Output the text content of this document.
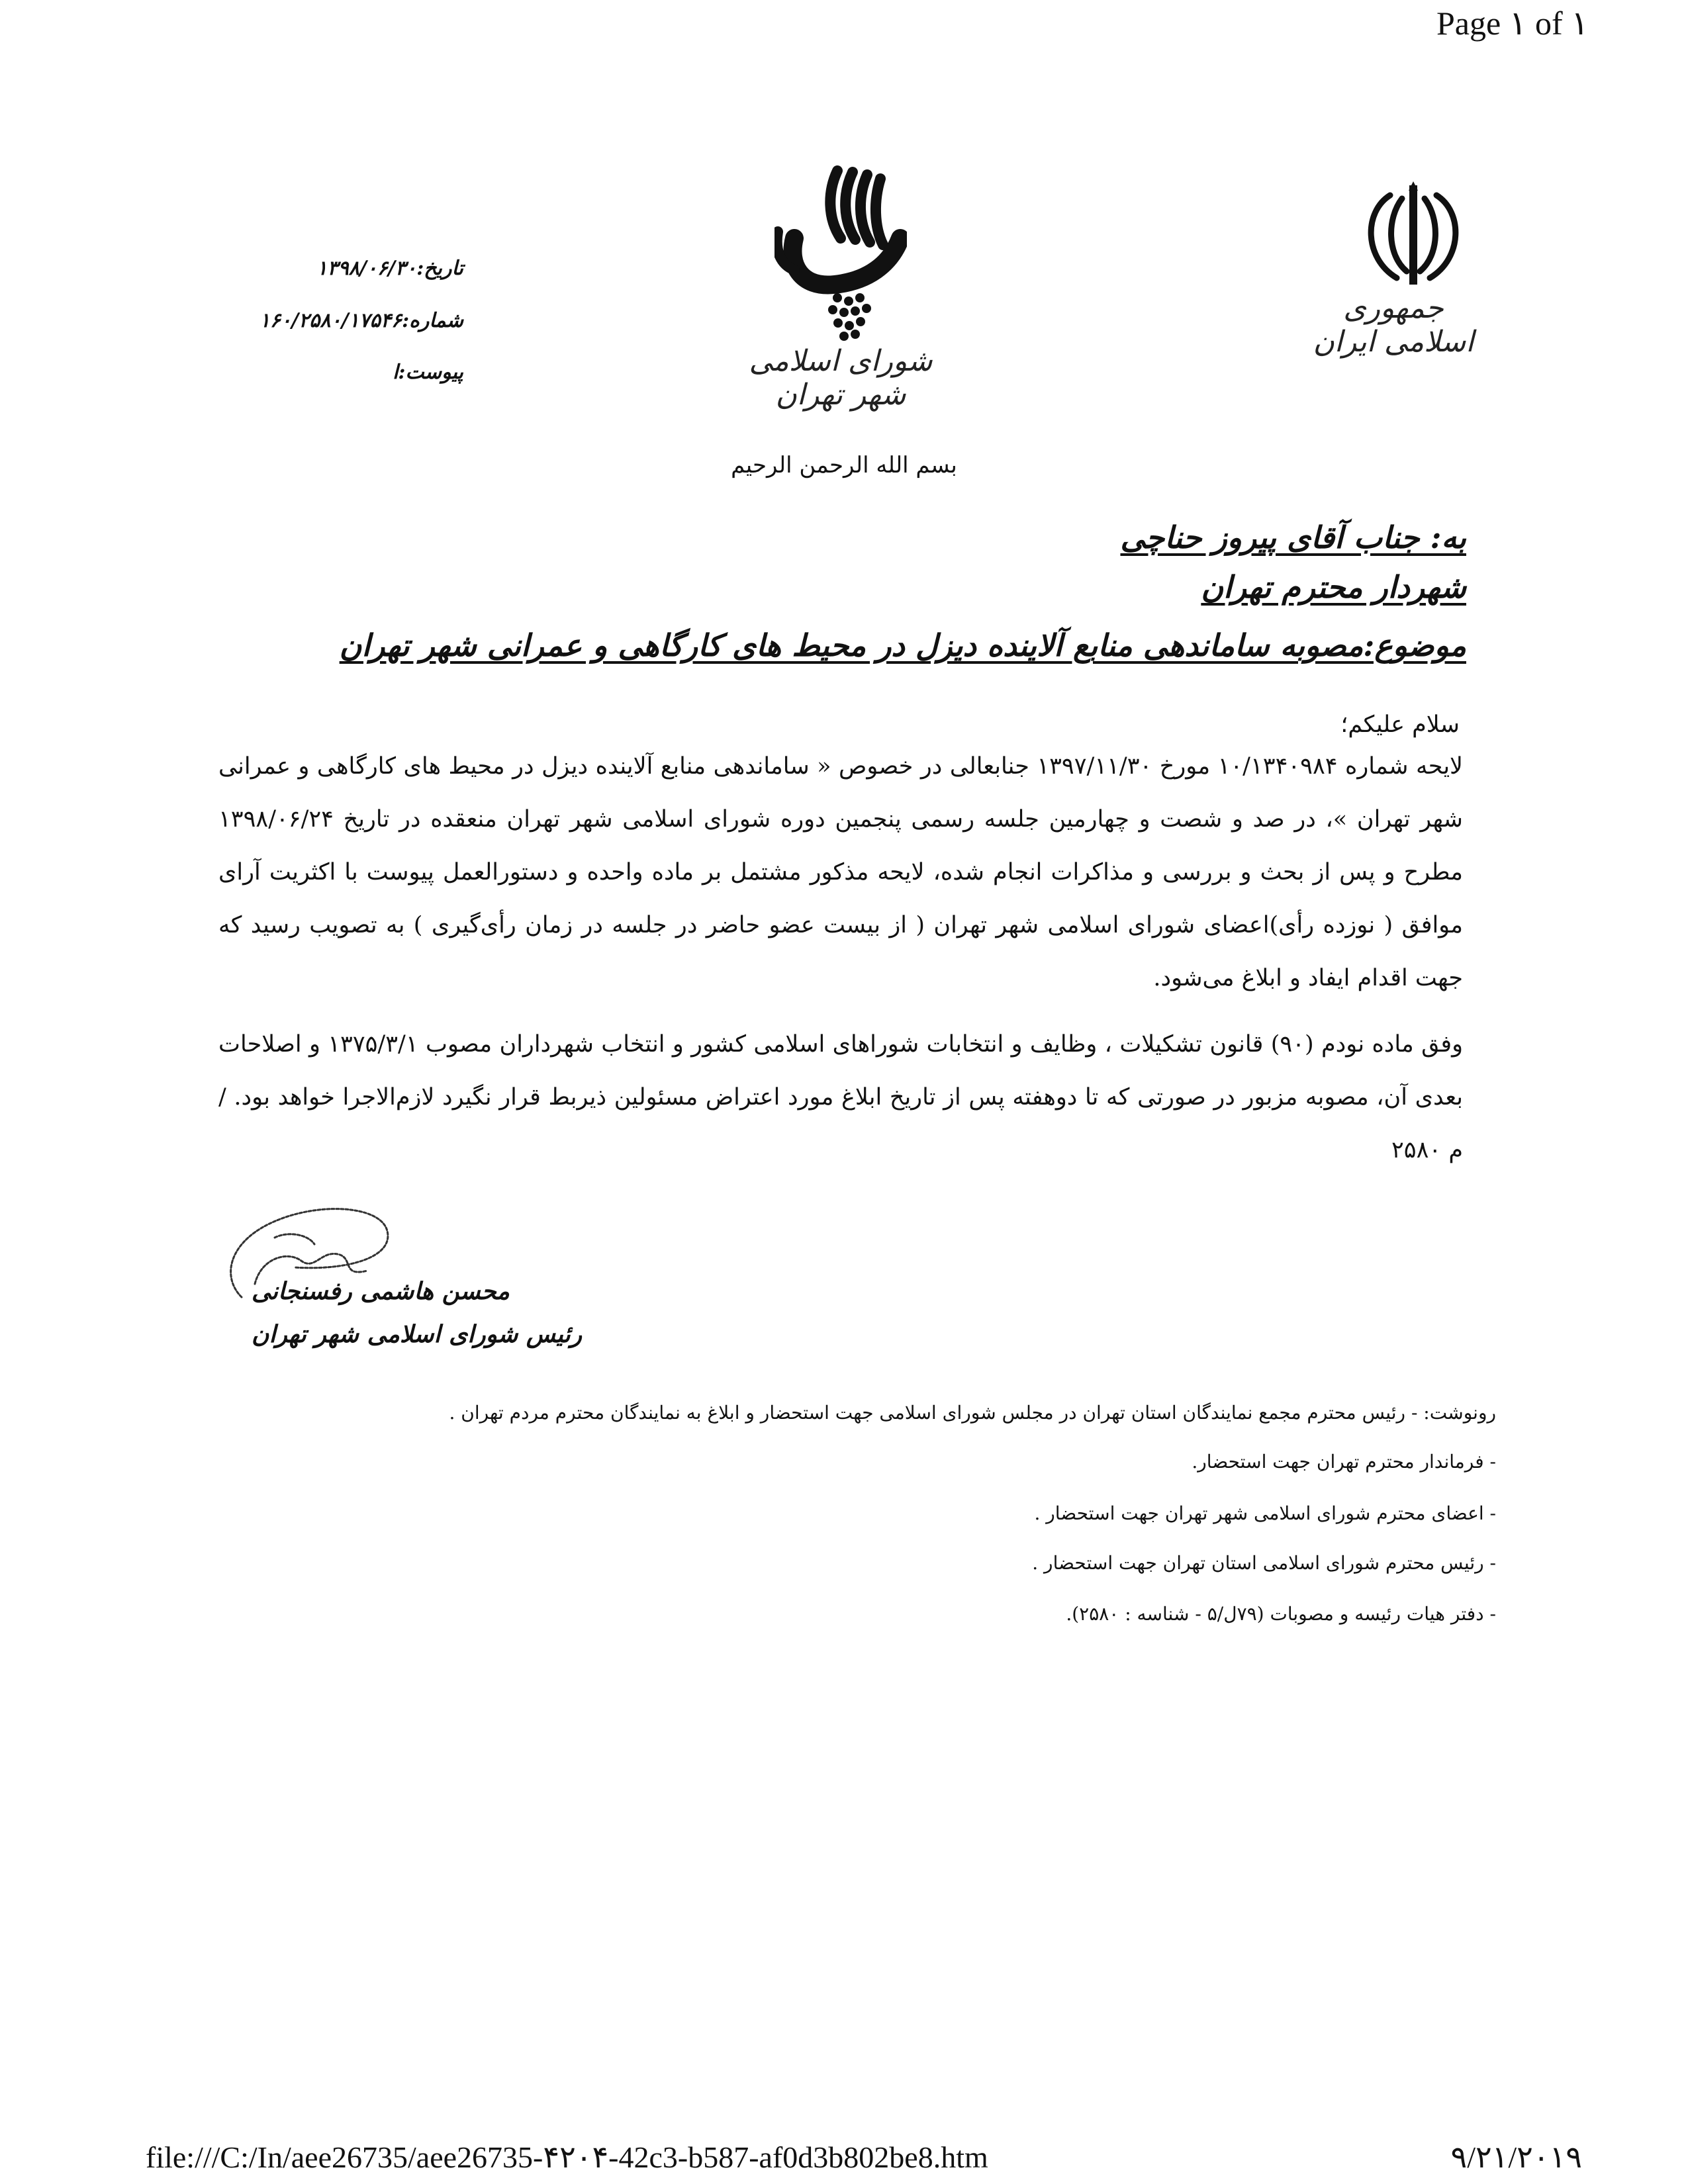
Page ۱ of ۱
جمهوری اسلامی ایران
شورای اسلامی شهر تهران
تاریخ:۱۳۹۸/۰۶/۳۰
شماره:۱۶۰/۲۵۸۰/۱۷۵۴۶
پیوست:ا
بسم الله الرحمن الرحیم
به: جناب آقای پیروز حناچی
شهردار محترم تهران
موضوع:مصوبه ساماندهی منابع آلاینده دیزل در محیط های کارگاهی و عمرانی شهر تهران
سلام علیکم؛
لایحه شماره ۱۰/۱۳۴۰۹۸۴ مورخ ۱۳۹۷/۱۱/۳۰ جنابعالی در خصوص « ساماندهی منابع آلاینده دیزل در محیط های کارگاهی و عمرانی شهر تهران »، در صد و شصت و چهارمین جلسه رسمی پنجمین دوره شورای اسلامی شهر تهران منعقده در تاریخ ۱۳۹۸/۰۶/۲۴ مطرح و پس از بحث و بررسی و مذاکرات انجام شده، لایحه مذکور مشتمل بر ماده واحده و دستورالعمل پیوست با اکثریت آرای موافق ( نوزده رأی)اعضای شورای اسلامی شهر تهران ( از بیست عضو حاضر در جلسه در زمان رأی‌گیری ) به تصویب رسید که جهت اقدام ایفاد و ابلاغ می‌شود.
وفق ماده نودم (۹۰) قانون تشکیلات ، وظایف و انتخابات شوراهای اسلامی کشور و انتخاب شهرداران مصوب ۱۳۷۵/۳/۱ و اصلاحات بعدی آن، مصوبه مزبور در صورتی که تا دوهفته پس از تاریخ ابلاغ مورد اعتراض مسئولین ذیربط قرار نگیرد لازم‌الاجرا خواهد بود. /م ۲۵۸۰
محسن هاشمی رفسنجانی
رئیس شورای اسلامی شهر تهران
رونوشت: - رئیس محترم مجمع نمایندگان استان تهران در مجلس شورای اسلامی جهت استحضار و ابلاغ به نمایندگان محترم مردم تهران .
- فرماندار محترم تهران جهت استحضار.
- اعضای محترم شورای اسلامی شهر تهران جهت استحضار .
- رئیس محترم شورای اسلامی استان تهران جهت استحضار .
- دفتر هیات رئیسه و مصوبات (۷۹ل/۵ - شناسه : ۲۵۸۰).
file:///C:/In/aee26735/aee26735-۴۲۰۴-42c3-b587-af0d3b802be8.htm	۹/۲۱/۲۰۱۹
